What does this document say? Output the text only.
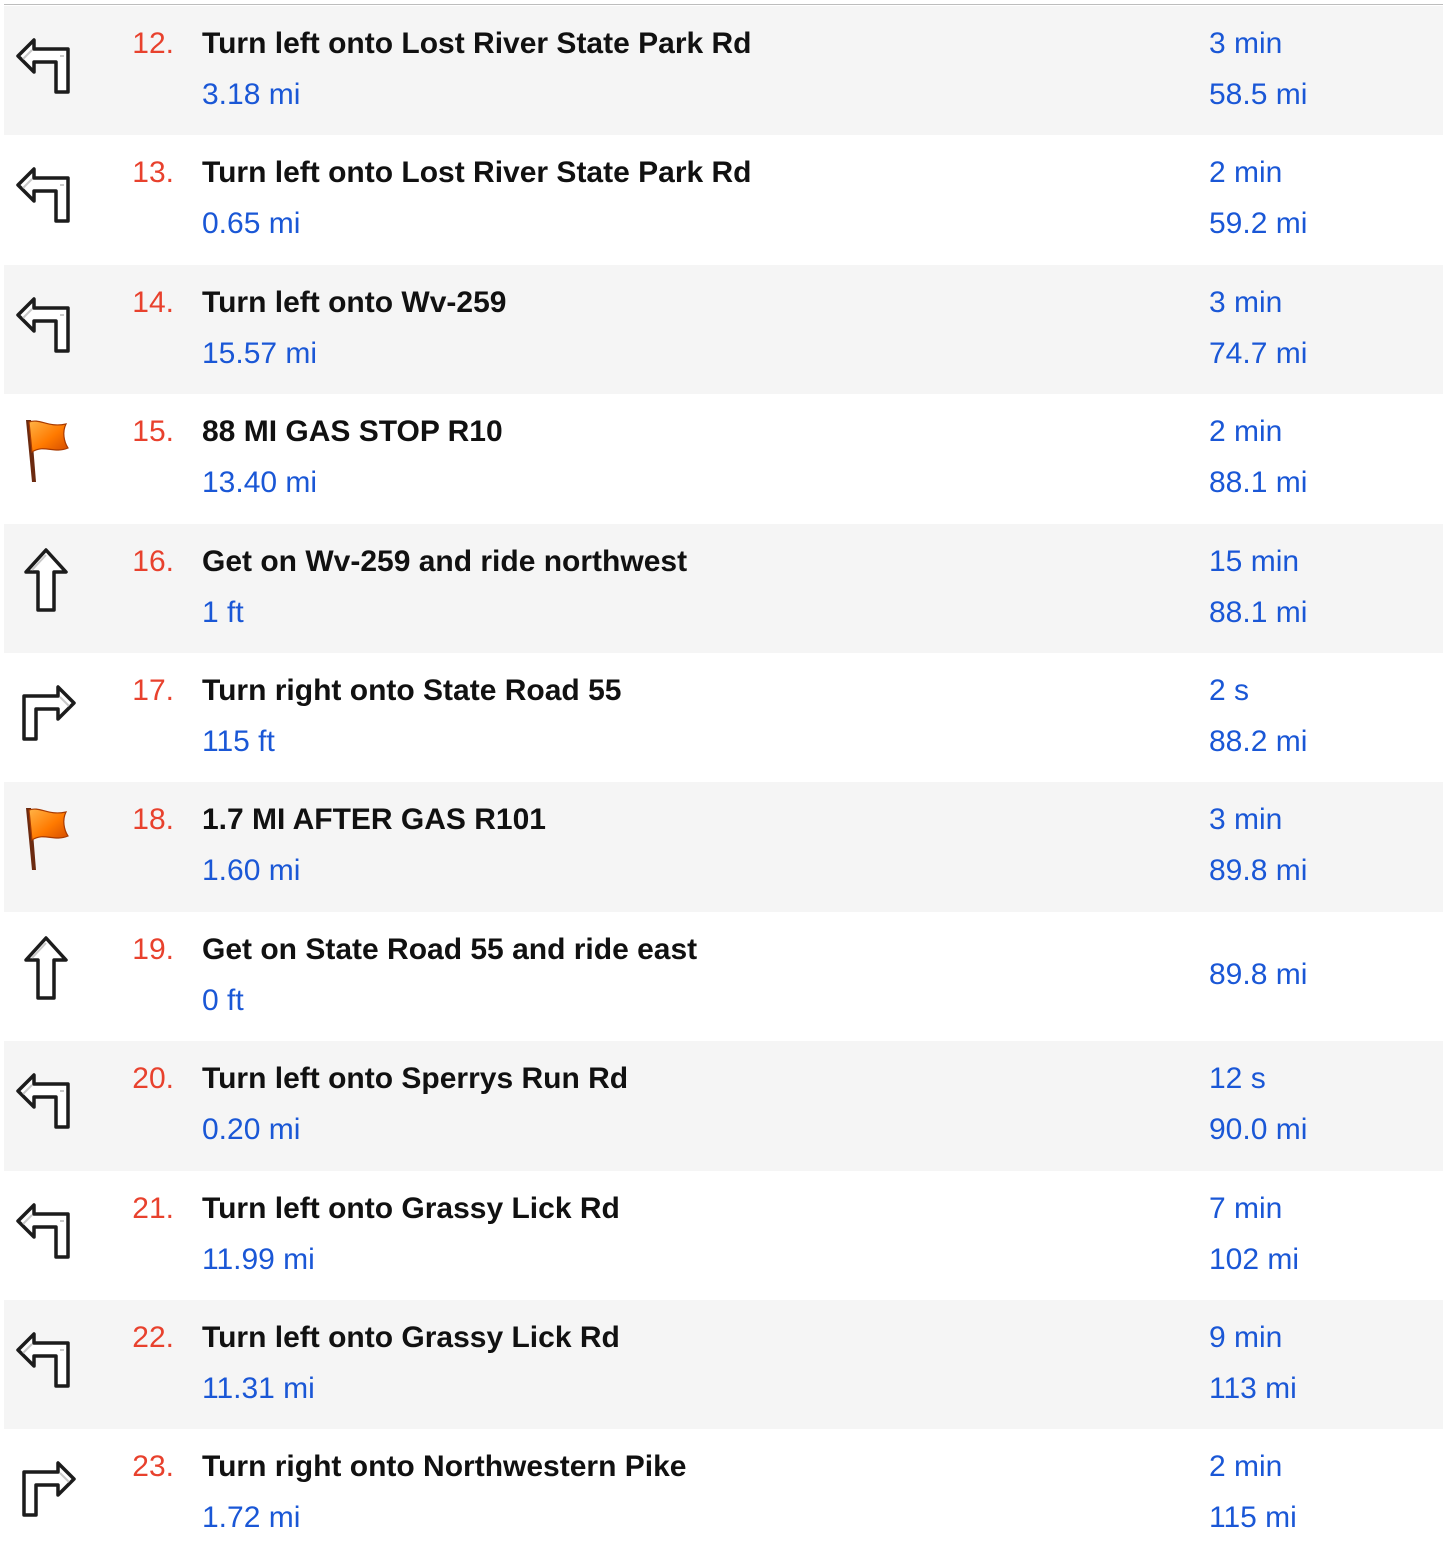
12. Turn left onto Lost River State Park Rd
3.18 mi
3 min
58.5 mi
13. Turn left onto Lost River State Park Rd
0.65 mi
2 min
59.2 mi
14. Turn left onto Wv-259
15.57 mi
3 min
74.7 mi
15. 88 MI GAS STOP R10
13.40 mi
2 min
88.1 mi
16. Get on Wv-259 and ride northwest
1 ft
15 min
88.1 mi
17. Turn right onto State Road 55
115 ft
2 s
88.2 mi
18. 1.7 MI AFTER GAS R101
1.60 mi
3 min
89.8 mi
19. Get on State Road 55 and ride east
0 ft
89.8 mi
20. Turn left onto Sperrys Run Rd
0.20 mi
12 s
90.0 mi
21. Turn left onto Grassy Lick Rd
11.99 mi
7 min
102 mi
22. Turn left onto Grassy Lick Rd
11.31 mi
9 min
113 mi
23. Turn right onto Northwestern Pike
1.72 mi
2 min
115 mi
